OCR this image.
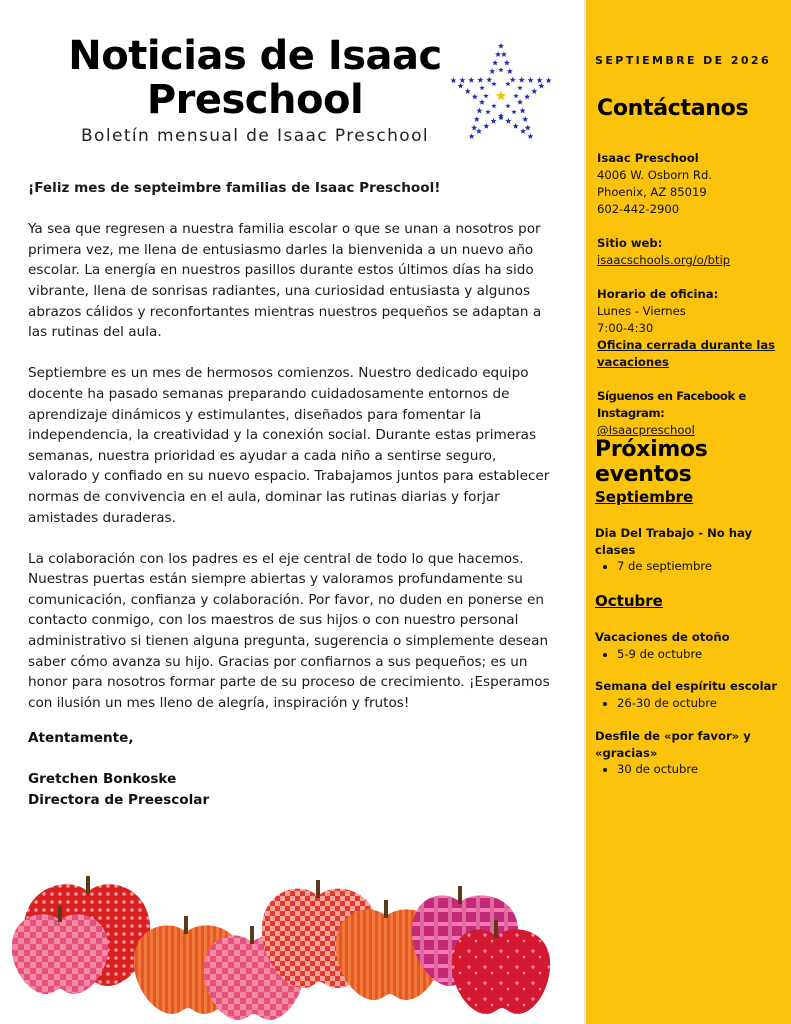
Noticias de Isaac Preschool
Boletín mensual de Isaac Preschool

¡Feliz mes de septeimbre familias de Isaac Preschool!

Ya sea que regresen a nuestra familia escolar o que se unan a nosotros por primera vez, me llena de entusiasmo darles la bienvenida a un nuevo año escolar. La energía en nuestros pasillos durante estos últimos días ha sido vibrante, llena de sonrisas radiantes, una curiosidad entusiasta y algunos abrazos cálidos y reconfortantes mientras nuestros pequeños se adaptan a las rutinas del aula.

Septiembre es un mes de hermosos comienzos. Nuestro dedicado equipo docente ha pasado semanas preparando cuidadosamente entornos de aprendizaje dinámicos y estimulantes, diseñados para fomentar la independencia, la creatividad y la conexión social. Durante estas primeras semanas, nuestra prioridad es ayudar a cada niño a sentirse seguro, valorado y confiado en su nuevo espacio. Trabajamos juntos para establecer normas de convivencia en el aula, dominar las rutinas diarias y forjar amistades duraderas.

La colaboración con los padres es el eje central de todo lo que hacemos. Nuestras puertas están siempre abiertas y valoramos profundamente su comunicación, confianza y colaboración. Por favor, no duden en ponerse en contacto conmigo, con los maestros de sus hijos o con nuestro personal administrativo si tienen alguna pregunta, sugerencia o simplemente desean saber cómo avanza su hijo. Gracias por confiarnos a sus pequeños; es un honor para nosotros formar parte de su proceso de crecimiento. ¡Esperamos con ilusión un mes lleno de alegría, inspiración y frutos!

Atentamente,
Gretchen Bonkoske
Directora de Preescolar
SEPTIEMBRE DE 2026
Contáctanos
Isaac Preschool
4006 W. Osborn Rd.
Phoenix, AZ 85019
602-442-2900
Sitio web:
isaacschools.org/o/btip
Horario de oficina:
Lunes - Viernes
7:00-4:30
Oficina cerrada durante las vacaciones
Síguenos en Facebook e Instagram:
@Isaacpreschool
Próximos eventos
Septiembre
Dia Del Trabajo - No hay clases
• 7 de septiembre
Octubre
Vacaciones de otoño
• 5-9 de octubre
Semana del espíritu escolar
• 26-30 de octubre
Desfile de «por favor» y «gracias»
• 30 de octubre
